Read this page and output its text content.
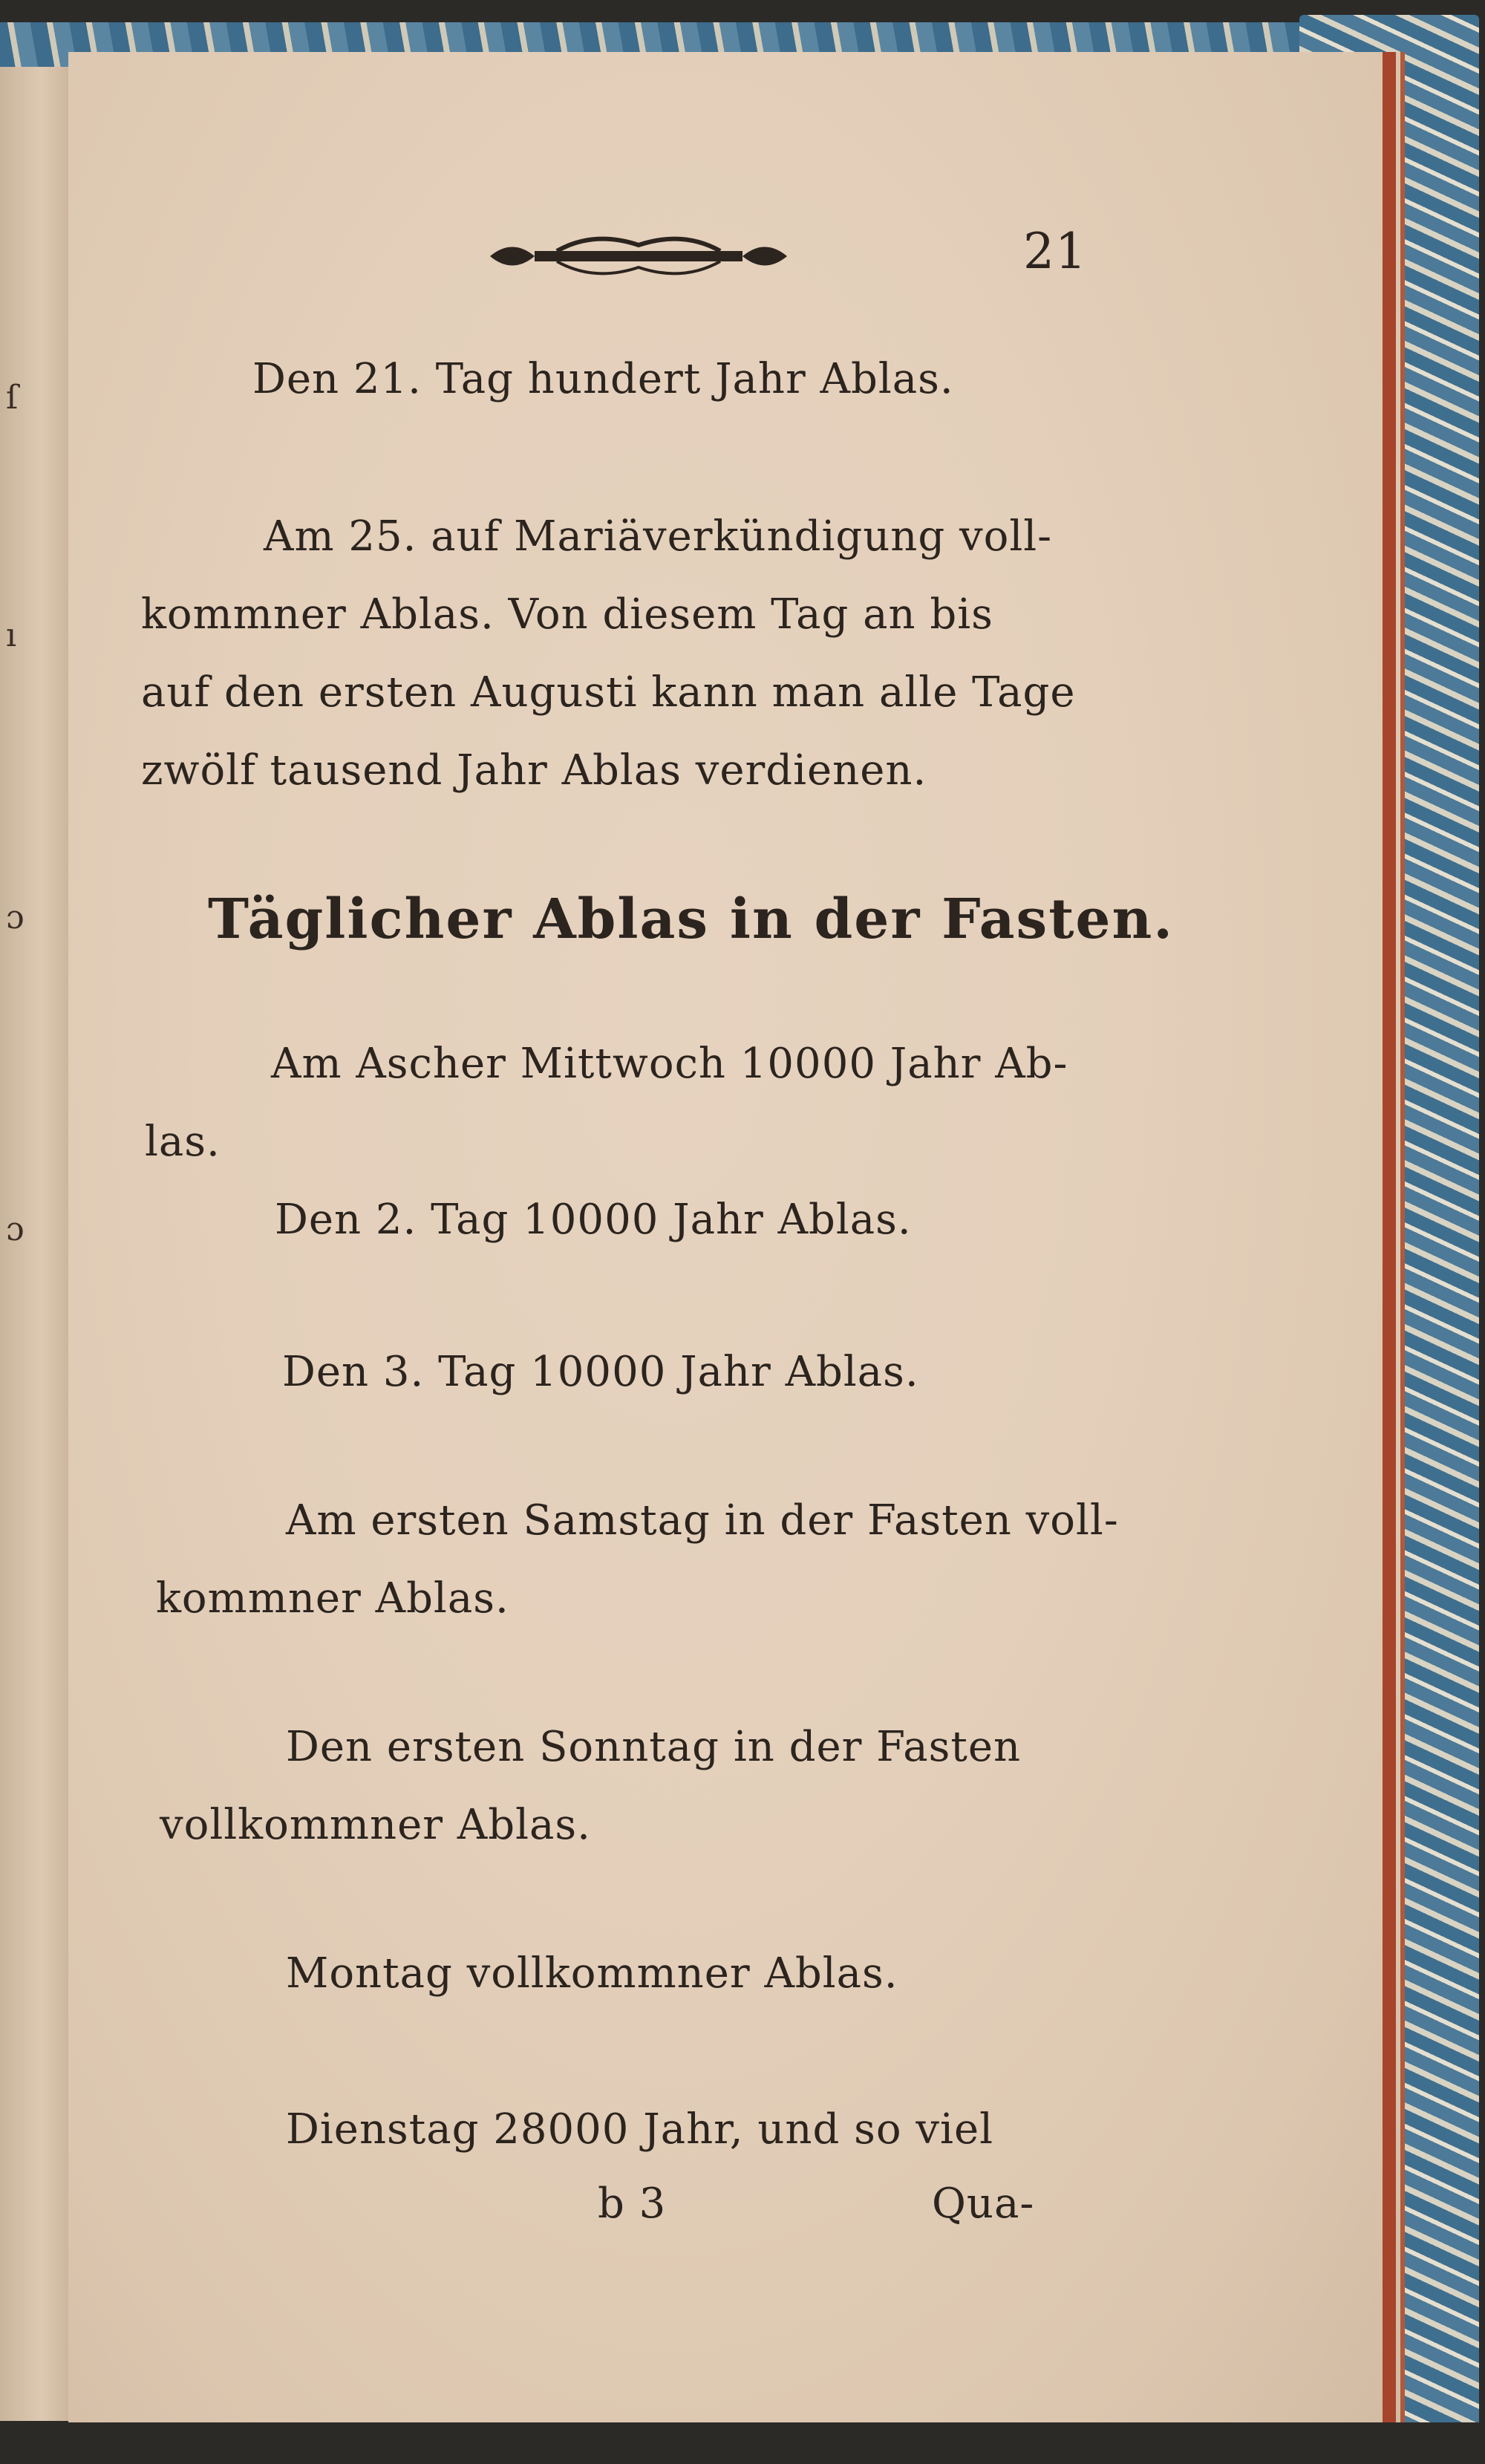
ſ
ı
ɔ
ɔ
21
Den 21. Tag hundert Jahr Ablas.
Am 25. auf Mariäverkündigung voll-
kommner Ablas. Von diesem Tag an bis
auf den ersten Augusti kann man alle Tage
zwölf tausend Jahr Ablas verdienen.
Täglicher Ablas in der Fasten.
Am Ascher Mittwoch 10000 Jahr Ab-
las.
Den 2. Tag 10000 Jahr Ablas.
Den 3. Tag 10000 Jahr Ablas.
Am ersten Samstag in der Fasten voll-
kommner Ablas.
Den ersten Sonntag in der Fasten
vollkommner Ablas.
Montag vollkommner Ablas.
Dienstag 28000 Jahr, und so viel
b 3	Qua-
